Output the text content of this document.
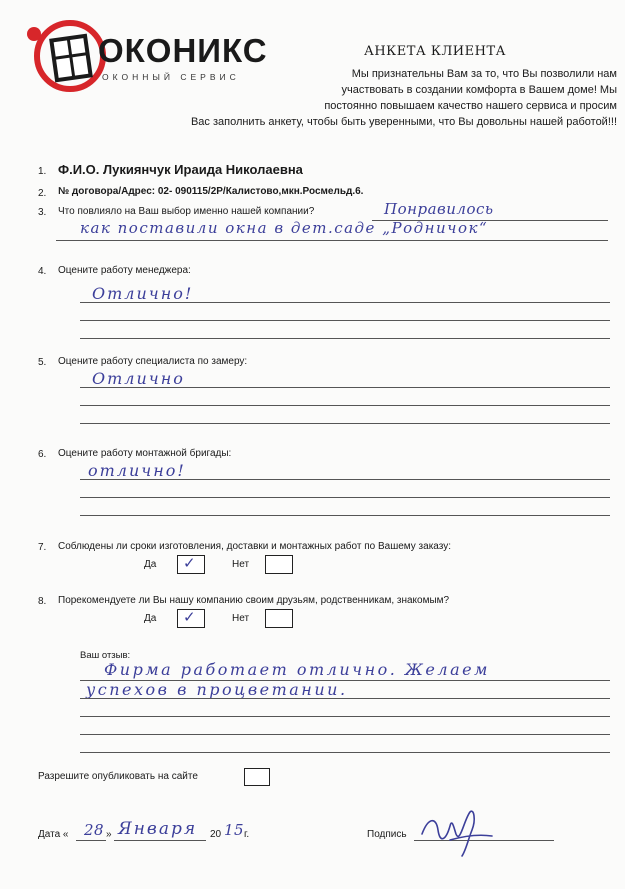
ОКОНИКС
ОКОННЫЙ СЕРВИС
АНКЕТА КЛИЕНТА
Мы признательны Вам за то, что Вы позволили нам
участвовать в создании комфорта в Вашем доме! Мы
постоянно повышаем качество нашего сервиса и просим
Вас заполнить анкету, чтобы быть уверенными, что Вы довольны нашей работой!!!
1. Ф.И.О. Лукиянчук Ираида Николаевна
2. № договора/Адрес: 02- 090115/2Р/Калистово,мкн.Росмельд.6.
3. Что повлияло на Ваш выбор именно нашей компании?	Понравилось
как поставили окна в дет.саде „Родничок“
4. Оцените работу менеджера:
Отлично!
5. Оцените работу специалиста по замеру:
Отлично
6. Оцените работу монтажной бригады:
отлично!
7. Соблюдены ли сроки изготовления, доставки и монтажных работ по Вашему заказу:
Да ✓	Нет
8. Порекомендуете ли Вы нашу компанию своим друзьям, родственникам, знакомым?
Да ✓	Нет
Ваш отзыв:
Фирма работает отлично. Желаем
успехов в процветании.
Разрешите опубликовать на сайте
Дата « 28 » Января 20 15 г.	Подпись
